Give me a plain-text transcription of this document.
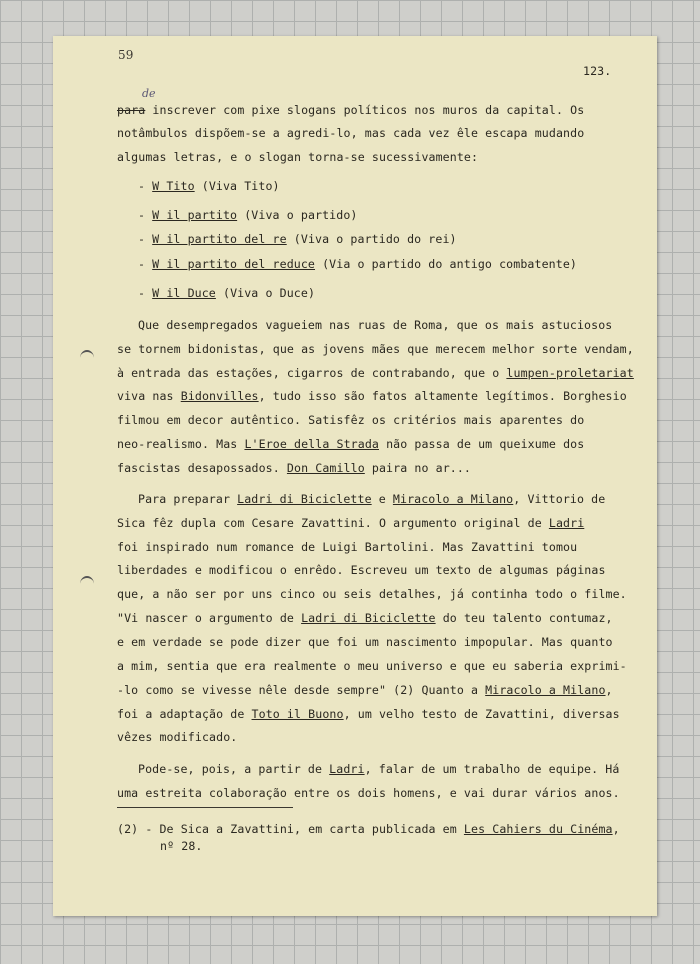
59
123.
de
para inscrever com pixe slogans políticos nos muros da capital. Os
notâmbulos dispõem-se a agredi-lo, mas cada vez êle escapa mudando
algumas letras, e o slogan torna-se sucessivamente:
- W Tito (Viva Tito)
- W il partito (Viva o partido)
- W il partito del re (Viva o partido do rei)
- W il partito del reduce (Via o partido do antigo combatente)
- W il Duce (Viva o Duce)
Que desempregados vagueiem nas ruas de Roma, que os mais astuciosos
se tornem bidonistas, que as jovens mães que merecem melhor sorte vendam,
à entrada das estações, cigarros de contrabando, que o lumpen-proletariat
viva nas Bidonvilles, tudo isso são fatos altamente legítimos. Borghesio
filmou em decor autêntico. Satisfêz os critérios mais aparentes do
neo-realismo. Mas L'Eroe della Strada não passa de um queixume dos
fascistas desapossados. Don Camillo paira no ar...
Para preparar Ladri di Biciclette e Miracolo a Milano, Vittorio de
Sica fêz dupla com Cesare Zavattini. O argumento original de Ladri
foi inspirado num romance de Luigi Bartolini. Mas Zavattini tomou
liberdades e modificou o enrêdo. Escreveu um texto de algumas páginas
que, a não ser por uns cinco ou seis detalhes, já continha todo o filme.
"Vi nascer o argumento de Ladri di Biciclette do teu talento contumaz,
e em verdade se pode dizer que foi um nascimento impopular. Mas quanto
a mim, sentia que era realmente o meu universo e que eu saberia exprimi-
-lo como se vivesse nêle desde sempre" (2) Quanto a Miracolo a Milano,
foi a adaptação de Toto il Buono, um velho testo de Zavattini, diversas
vêzes modificado.
Pode-se, pois, a partir de Ladri, falar de um trabalho de equipe. Há
uma estreita colaboração entre os dois homens, e vai durar vários anos.
(2) - De Sica a Zavattini, em carta publicada em Les Cahiers du Cinéma,
nº 28.
